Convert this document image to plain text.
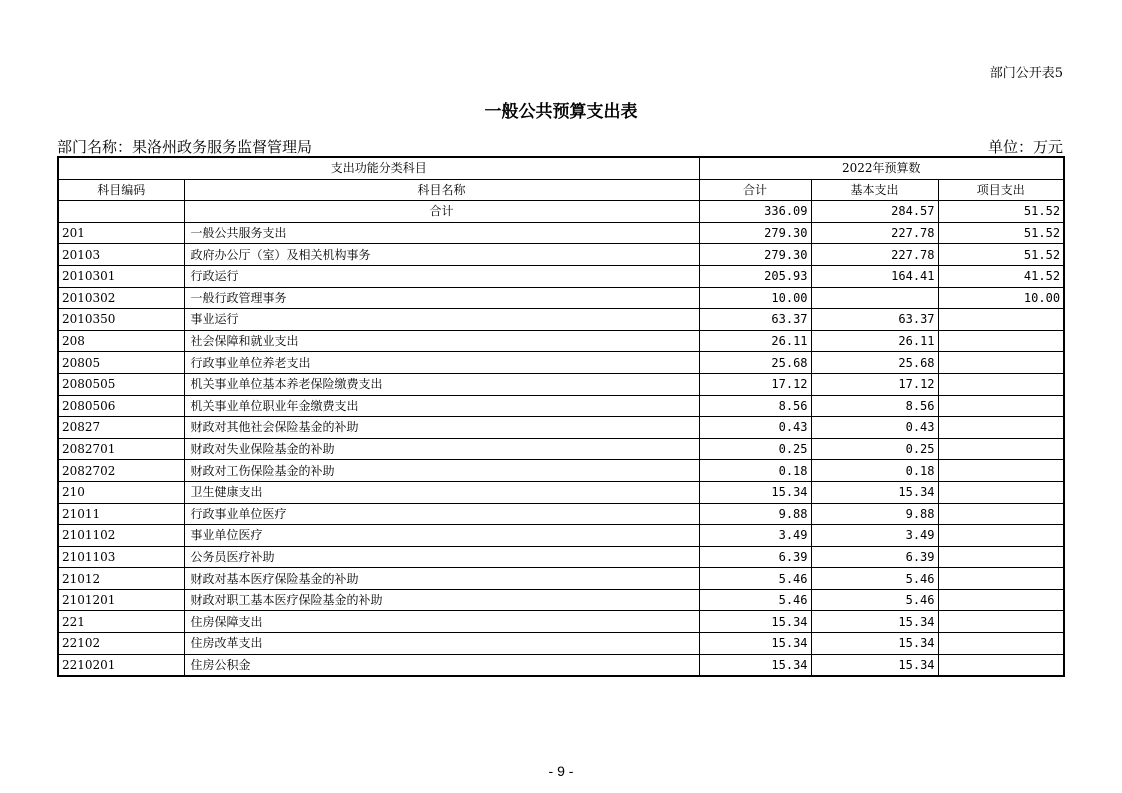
部门公开表5
一般公共预算支出表
部门名称：果洛州政务服务监督管理局	单位：万元
支出功能分类科目		2022年预算数		
科目编码	科目名称	合计	基本支出	项目支出
	合计	336.09	284.57	51.52
201	一般公共服务支出	279.30	227.78	51.52
20103	政府办公厅（室）及相关机构事务	279.30	227.78	51.52
2010301	行政运行	205.93	164.41	41.52
2010302	一般行政管理事务	10.00		10.00
2010350	事业运行	63.37	63.37	
208	社会保障和就业支出	26.11	26.11	
20805	行政事业单位养老支出	25.68	25.68	
2080505	机关事业单位基本养老保险缴费支出	17.12	17.12	
2080506	机关事业单位职业年金缴费支出	8.56	8.56	
20827	财政对其他社会保险基金的补助	0.43	0.43	
2082701	财政对失业保险基金的补助	0.25	0.25	
2082702	财政对工伤保险基金的补助	0.18	0.18	
210	卫生健康支出	15.34	15.34	
21011	行政事业单位医疗	9.88	9.88	
2101102	事业单位医疗	3.49	3.49	
2101103	公务员医疗补助	6.39	6.39	
21012	财政对基本医疗保险基金的补助	5.46	5.46	
2101201	财政对职工基本医疗保险基金的补助	5.46	5.46	
221	住房保障支出	15.34	15.34	
22102	住房改革支出	15.34	15.34	
2210201	住房公积金	15.34	15.34	
- 9 -
